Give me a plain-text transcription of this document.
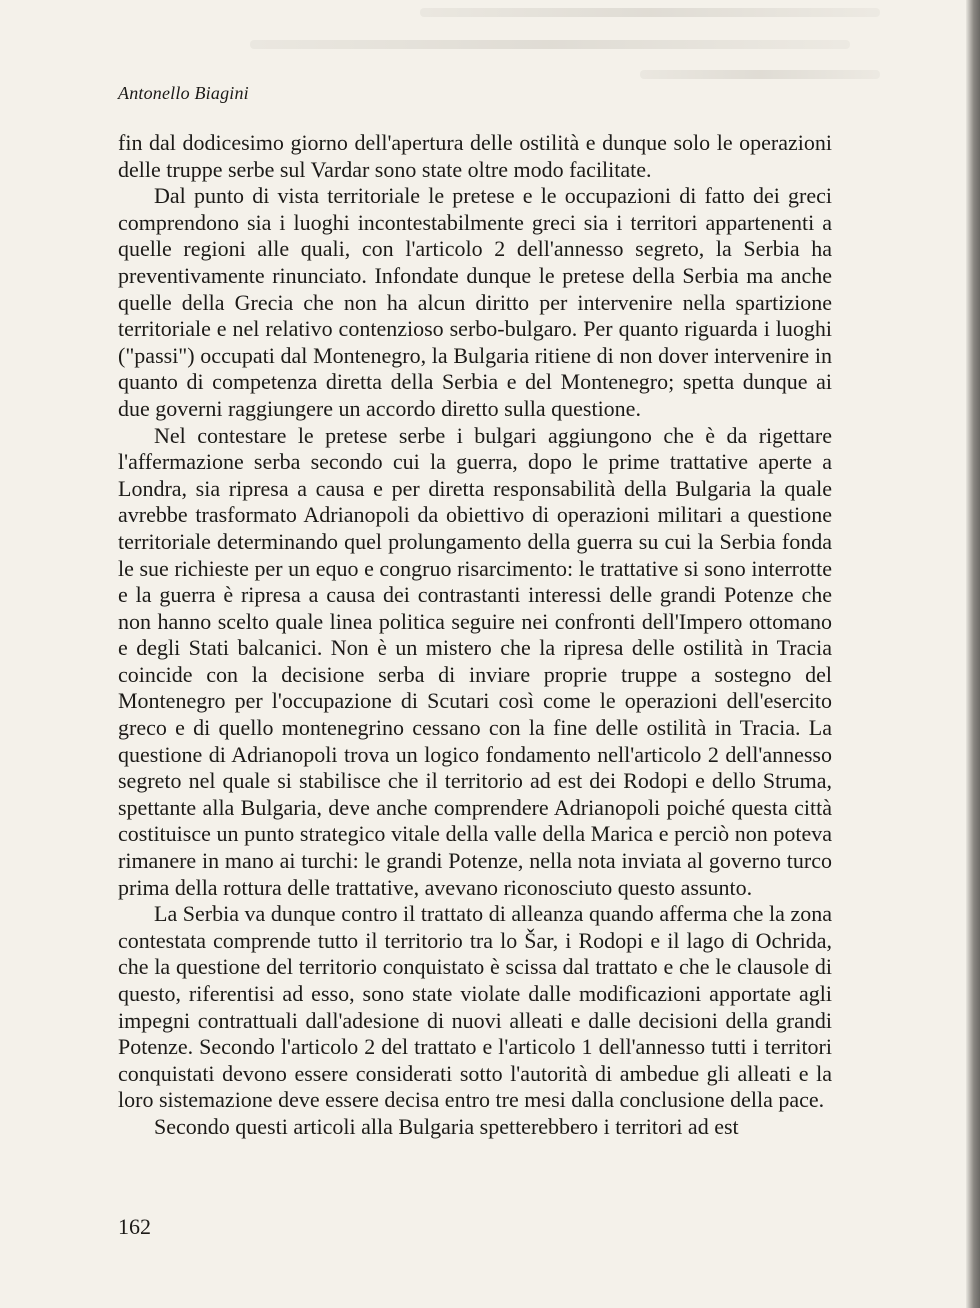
Antonello Biagini

fin dal dodicesimo giorno dell'apertura delle ostilità e dunque solo le operazioni delle truppe serbe sul Vardar sono state oltre modo facilitate.

Dal punto di vista territoriale le pretese e le occupazioni di fatto dei greci comprendono sia i luoghi incontestabilmente greci sia i territori appartenenti a quelle regioni alle quali, con l'articolo 2 dell'annesso segreto, la Serbia ha preventivamente rinunciato. Infondate dunque le pretese della Serbia ma anche quelle della Grecia che non ha alcun diritto per intervenire nella spartizione territoriale e nel relativo contenzioso serbo-bulgaro. Per quanto riguarda i luoghi ("passi") occupati dal Montenegro, la Bulgaria ritiene di non dover intervenire in quanto di competenza diretta della Serbia e del Montenegro; spetta dunque ai due governi raggiungere un accordo diretto sulla questione.

Nel contestare le pretese serbe i bulgari aggiungono che è da rigettare l'affermazione serba secondo cui la guerra, dopo le prime trattative aperte a Londra, sia ripresa a causa e per diretta responsabilità della Bulgaria la quale avrebbe trasformato Adrianopoli da obiettivo di operazioni militari a questione territoriale determinando quel prolungamento della guerra su cui la Serbia fonda le sue richieste per un equo e congruo risarcimento: le trattative si sono interrotte e la guerra è ripresa a causa dei contrastanti interessi delle grandi Potenze che non hanno scelto quale linea politica seguire nei confronti dell'Impero ottomano e degli Stati balcanici. Non è un mistero che la ripresa delle ostilità in Tracia coincide con la decisione serba di inviare proprie truppe a sostegno del Montenegro per l'occupazione di Scutari così come le operazioni dell'esercito greco e di quello montenegrino cessano con la fine delle ostilità in Tracia. La questione di Adrianopoli trova un logico fondamento nell'articolo 2 dell'annesso segreto nel quale si stabilisce che il territorio ad est dei Rodopi e dello Struma, spettante alla Bulgaria, deve anche comprendere Adrianopoli poiché questa città costituisce un punto strategico vitale della valle della Marica e perciò non poteva rimanere in mano ai turchi: le grandi Potenze, nella nota inviata al governo turco prima della rottura delle trattative, avevano riconosciuto questo assunto.

La Serbia va dunque contro il trattato di alleanza quando afferma che la zona contestata comprende tutto il territorio tra lo Šar, i Rodopi e il lago di Ochrida, che la questione del territorio conquistato è scissa dal trattato e che le clausole di questo, riferentisi ad esso, sono state violate dalle modificazioni apportate agli impegni contrattuali dall'adesione di nuovi alleati e dalle decisioni della grandi Potenze. Secondo l'articolo 2 del trattato e l'articolo 1 dell'annesso tutti i territori conquistati devono essere considerati sotto l'autorità di ambedue gli alleati e la loro sistemazione deve essere decisa entro tre mesi dalla conclusione della pace.

Secondo questi articoli alla Bulgaria spetterebbero i territori ad est

162
